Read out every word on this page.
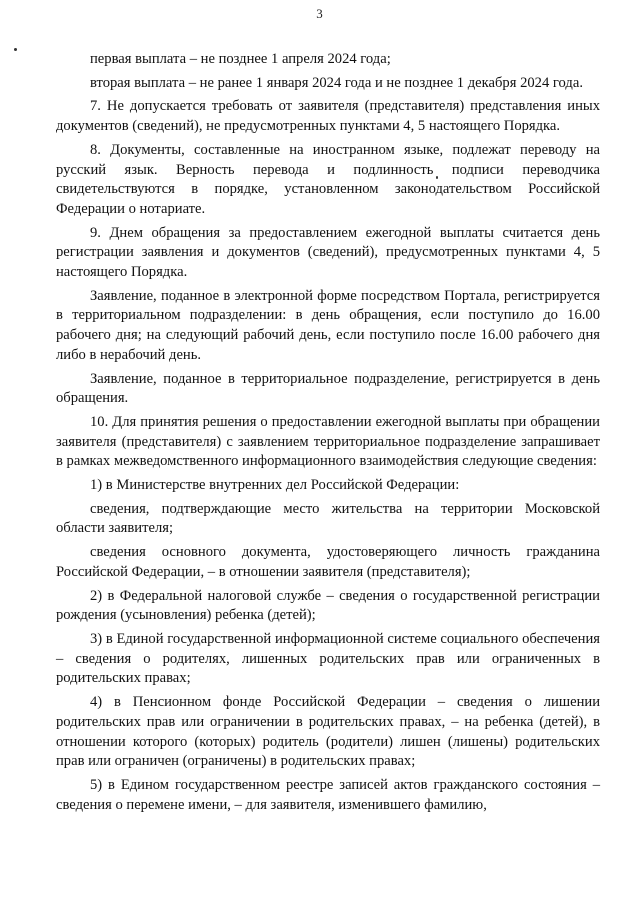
3

первая выплата – не позднее 1 апреля 2024 года;

вторая выплата – не ранее 1 января 2024 года и не позднее 1 декабря 2024 года.

7. Не допускается требовать от заявителя (представителя) представления иных документов (сведений), не предусмотренных пунктами 4, 5 настоящего Порядка.

8. Документы, составленные на иностранном языке, подлежат переводу на русский язык. Верность перевода и подлинность подписи переводчика свидетельствуются в порядке, установленном законодательством Российской Федерации о нотариате.

9. Днем обращения за предоставлением ежегодной выплаты считается день регистрации заявления и документов (сведений), предусмотренных пунктами 4, 5 настоящего Порядка.

Заявление, поданное в электронной форме посредством Портала, регистрируется в территориальном подразделении: в день обращения, если поступило до 16.00 рабочего дня; на следующий рабочий день, если поступило после 16.00 рабочего дня либо в нерабочий день.

Заявление, поданное в территориальное подразделение, регистрируется в день обращения.

10. Для принятия решения о предоставлении ежегодной выплаты при обращении заявителя (представителя) с заявлением территориальное подразделение запрашивает в рамках межведомственного информационного взаимодействия следующие сведения:

1) в Министерстве внутренних дел Российской Федерации:

сведения, подтверждающие место жительства на территории Московской области заявителя;

сведения основного документа, удостоверяющего личность гражданина Российской Федерации, – в отношении заявителя (представителя);

2) в Федеральной налоговой службе – сведения о государственной регистрации рождения (усыновления) ребенка (детей);

3) в Единой государственной информационной системе социального обеспечения – сведения о родителях, лишенных родительских прав или ограниченных в родительских правах;

4) в Пенсионном фонде Российской Федерации – сведения о лишении родительских прав или ограничении в родительских правах, – на ребенка (детей), в отношении которого (которых) родитель (родители) лишен (лишены) родительских прав или ограничен (ограничены) в родительских правах;

5) в Едином государственном реестре записей актов гражданского состояния – сведения о перемене имени, – для заявителя, изменившего фамилию,
